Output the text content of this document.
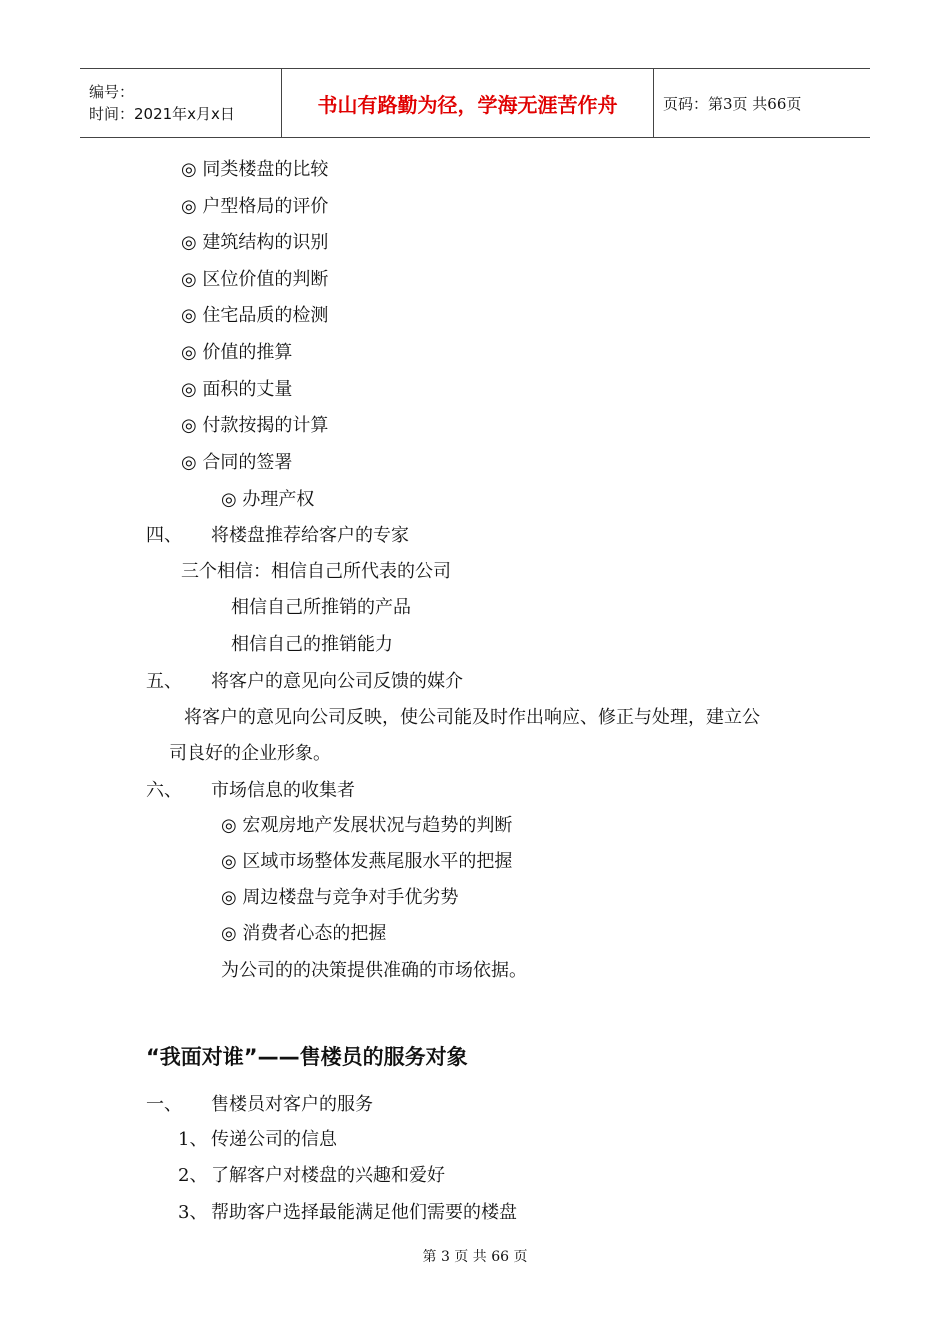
编号：
时间：2021年x月x日	书山有路勤为径，学海无涯苦作舟	页码：第3页 共66页
◎ 同类楼盘的比较
◎ 户型格局的评价
◎ 建筑结构的识别
◎ 区位价值的判断
◎ 住宅品质的检测
◎ 价值的推算
◎ 面积的丈量
◎ 付款按揭的计算
◎ 合同的签署
◎ 办理产权
四、 将楼盘推荐给客户的专家
三个相信：相信自己所代表的公司
相信自己所推销的产品
相信自己的推销能力
五、 将客户的意见向公司反馈的媒介
将客户的意见向公司反映，使公司能及时作出响应、修正与处理，建立公
司良好的企业形象。
六、 市场信息的收集者
◎ 宏观房地产发展状况与趋势的判断
◎ 区域市场整体发燕尾服水平的把握
◎ 周边楼盘与竞争对手优劣势
◎ 消费者心态的把握
为公司的的决策提供准确的市场依据。
“我面对谁”——售楼员的服务对象
一、 售楼员对客户的服务
1、 传递公司的信息
2、 了解客户对楼盘的兴趣和爱好
3、 帮助客户选择最能满足他们需要的楼盘
第 3 页 共 66 页
